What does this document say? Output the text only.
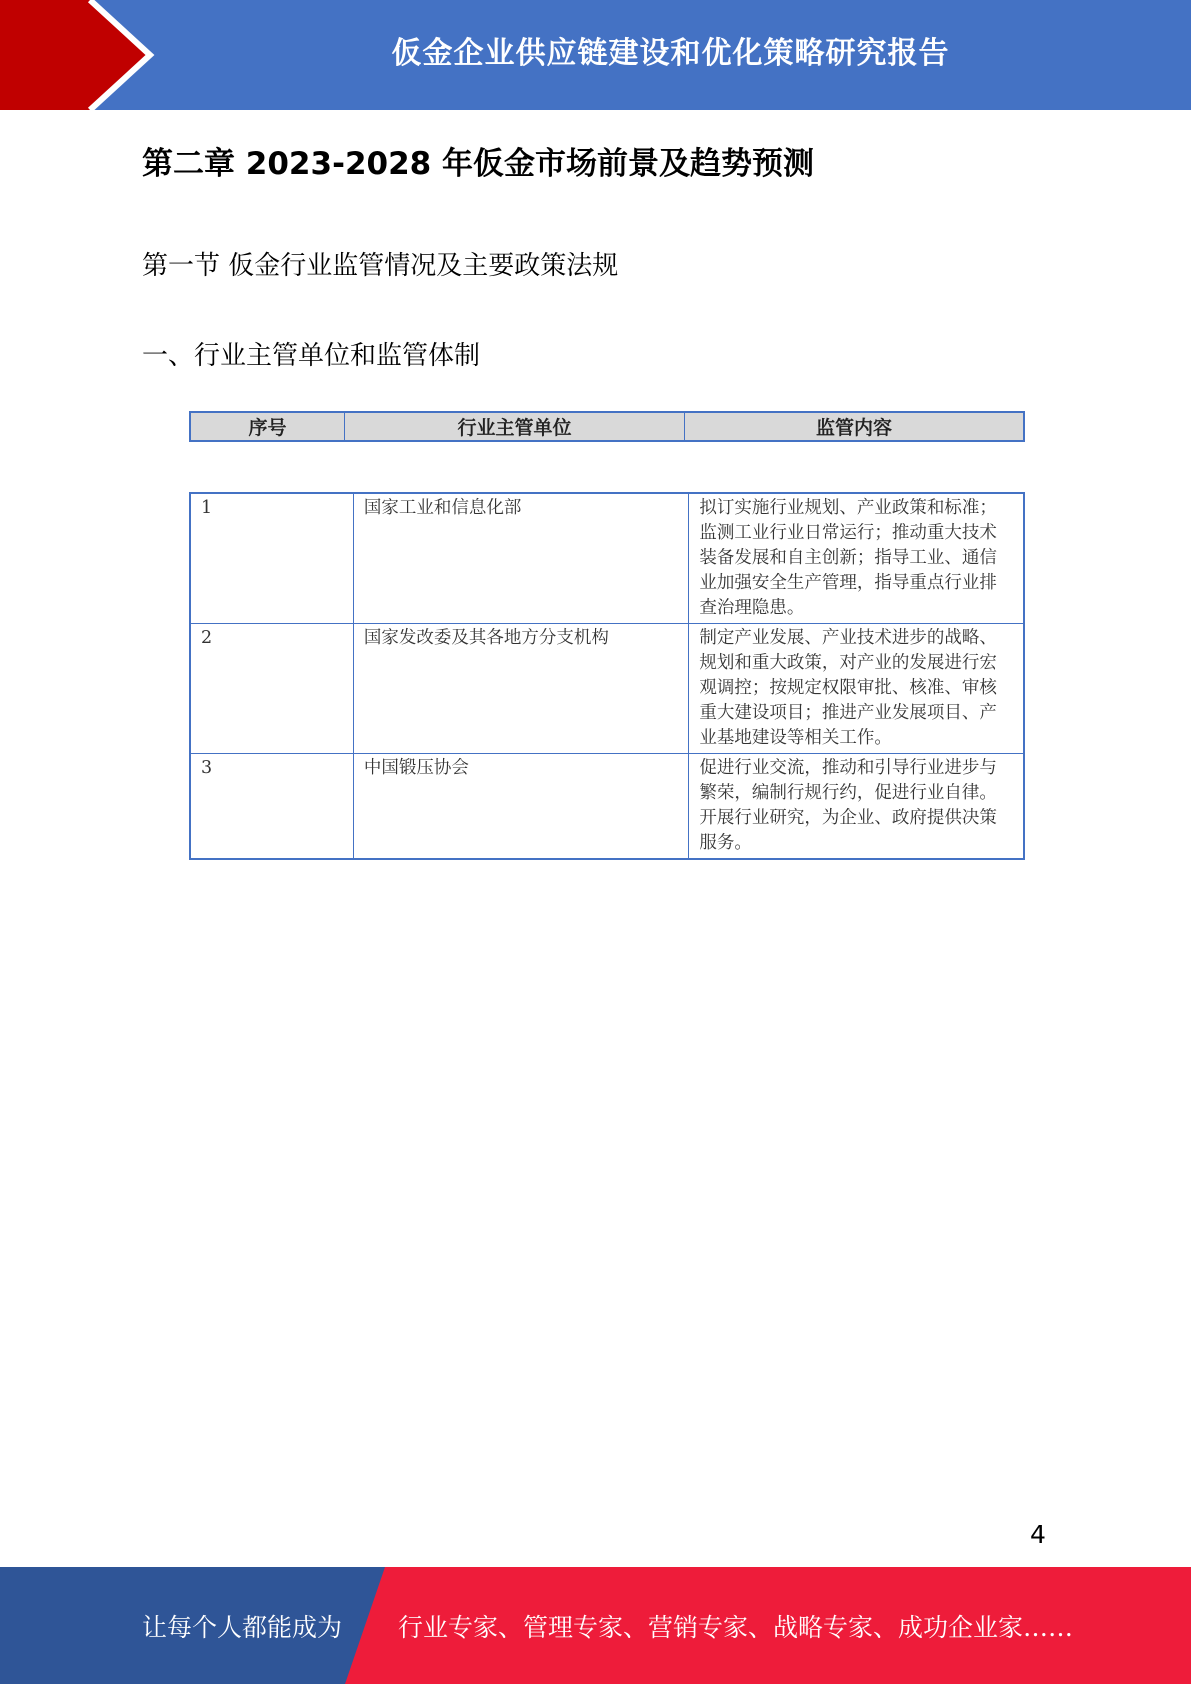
仮金企业供应链建设和优化策略研究报告
第二章 2023-2028 年仮金市场前景及趋势预测
第一节 仮金行业监管情况及主要政策法规
一、行业主管单位和监管体制
序号	行业主管单位	监管内容
1	国家工业和信息化部	拟订实施行业规划、产业政策和标准；监测工业行业日常运行；推动重大技术装备发展和自主创新；指导工业、通信业加强安全生产管理，指导重点行业排查治理隐患。
2	国家发改委及其各地方分支机构	制定产业发展、产业技术进步的战略、规划和重大政策，对产业的发展进行宏观调控；按规定权限审批、核准、审核重大建设项目；推进产业发展项目、产业基地建设等相关工作。
3	中国锻压协会	促进行业交流，推动和引导行业进步与繁荣，编制行规行约，促进行业自律。开展行业研究，为企业、政府提供决策服务。
4
让每个人都能成为 行业专家、管理专家、营销专家、战略专家、成功企业家……
